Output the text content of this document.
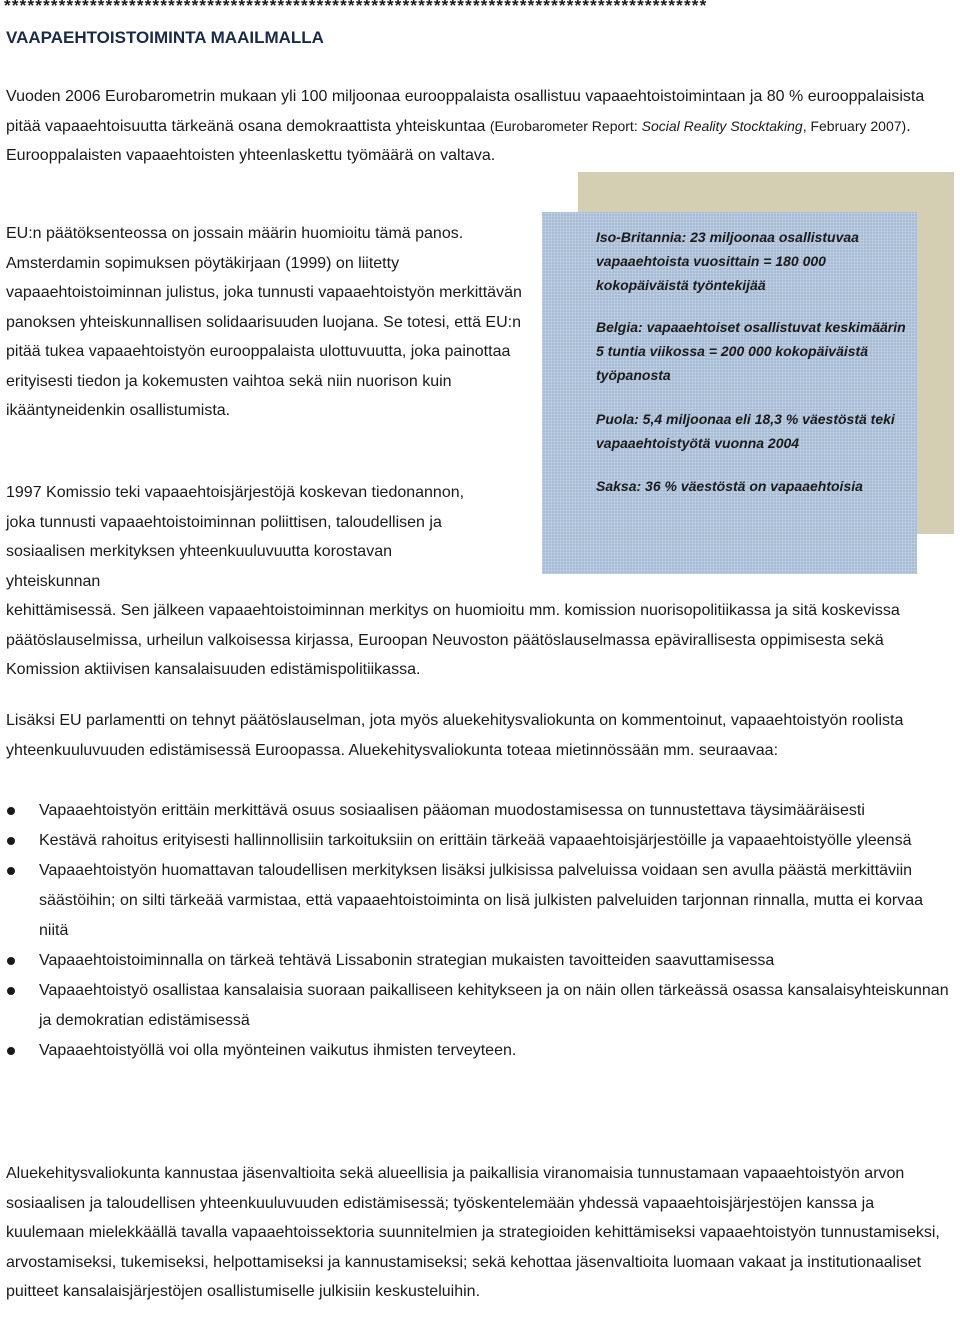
******************************************************************************************
VAAPAEHTOISTOIMINTA MAAILMALLA
Vuoden 2006 Eurobarometrin mukaan yli 100 miljoonaa eurooppalaista osallistuu vapaaehtoistoimintaan ja 80 % eurooppalaisista pitää vapaaehtoisuutta tärkeänä osana demokraattista yhteiskuntaa (Eurobarometer Report: Social Reality Stocktaking, February 2007). Eurooppalaisten vapaaehtoisten yhteenlaskettu työmäärä on valtava.
EU:n päätöksenteossa on jossain määrin huomioitu tämä panos. Amsterdamin sopimuksen pöytäkirjaan (1999) on liitetty vapaaehtoistoiminnan julistus, joka tunnusti vapaaehtoistyön merkittävän panoksen yhteiskunnallisen solidaarisuuden luojana. Se totesi, että EU:n pitää tukea vapaaehtoistyön eurooppalaista ulottuvuutta, joka painottaa erityisesti tiedon ja kokemusten vaihtoa sekä niin nuorison kuin ikääntyneidenkin osallistumista.
1997 Komissio teki vapaaehtoisjärjestöjä koskevan tiedonannon, joka tunnusti vapaaehtoistoiminnan poliittisen, taloudellisen ja sosiaalisen merkityksen yhteenkuuluvuutta korostavan yhteiskunnan
kehittämisessä. Sen jälkeen vapaaehtoistoiminnan merkitys on huomioitu mm. komission nuorisopolitiikassa ja sitä koskevissa päätöslauselmissa, urheilun valkoisessa kirjassa, Euroopan Neuvoston päätöslauselmassa epävirallisesta oppimisesta sekä Komission aktiivisen kansalaisuuden edistämispolitiikassa.
Lisäksi EU parlamentti on tehnyt päätöslauselman, jota myös aluekehitysvaliokunta on kommentoinut, vapaaehtoistyön roolista yhteenkuuluvuuden edistämisessä Euroopassa. Aluekehitysvaliokunta toteaa mietinnössään mm. seuraavaa:
Vapaaehtoistyön erittäin merkittävä osuus sosiaalisen pääoman muodostamisessa on tunnustettava täysimääräisesti
Kestävä rahoitus erityisesti hallinnollisiin tarkoituksiin on erittäin tärkeää vapaaehtoisjärjestöille ja vapaaehtoistyölle yleensä
Vapaaehtoistyön huomattavan taloudellisen merkityksen lisäksi julkisissa palveluissa voidaan sen avulla päästä merkittäviin säästöihin; on silti tärkeää varmistaa, että vapaaehtoistoiminta on lisä julkisten palveluiden tarjonnan rinnalla, mutta ei korvaa niitä
Vapaaehtoistoiminnalla on tärkeä tehtävä Lissabonin strategian mukaisten tavoitteiden saavuttamisessa
Vapaaehtoistyö osallistaa kansalaisia suoraan paikalliseen kehitykseen ja on näin ollen tärkeässä osassa kansalaisyhteiskunnan ja demokratian edistämisessä
Vapaaehtoistyöllä voi olla myönteinen vaikutus ihmisten terveyteen.
Aluekehitysvaliokunta kannustaa jäsenvaltioita sekä alueellisia ja paikallisia viranomaisia tunnustamaan vapaaehtoistyön arvon sosiaalisen ja taloudellisen yhteenkuuluvuuden edistämisessä; työskentelemään yhdessä vapaaehtoisjärjestöjen kanssa ja kuulemaan mielekkäällä tavalla vapaaehtoissektoria suunnitelmien ja strategioiden kehittämiseksi vapaaehtoistyön tunnustamiseksi, arvostamiseksi, tukemiseksi, helpottamiseksi ja kannustamiseksi; sekä kehottaa jäsenvaltioita luomaan vakaat ja institutionaaliset puitteet kansalaisjärjestöjen osallistumiselle julkisiin keskusteluihin.
Iso-Britannia: 23 miljoonaa osallistuvaa vapaaehtoista vuosittain = 180 000 kokopäiväistä työntekijää
Belgia: vapaaehtoiset osallistuvat keskimäärin 5 tuntia viikossa = 200 000 kokopäiväistä työpanosta
Puola: 5,4 miljoonaa eli 18,3 % väestöstä teki vapaaehtoistyötä vuonna 2004
Saksa: 36 % väestöstä on vapaaehtoisia
